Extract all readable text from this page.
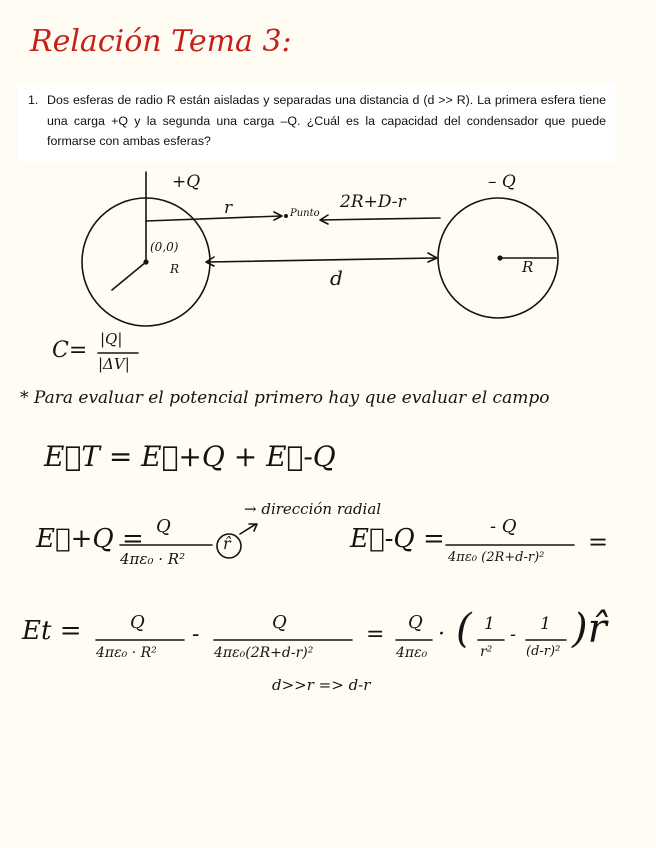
Relación Tema 3:
1. Dos esferas de radio R están aisladas y separadas una distancia d (d >> R). La primera esfera tiene una carga +Q y la segunda una carga –Q. ¿Cuál es la capacidad del condensador que puede formarse con ambas esferas?
+Q	– Q
r	Punto
2R+D-r
(0,0)
R	d	R
C= |Q|
|ΔV|
* Para evaluar el potencial primero hay que evaluar el campo
E⃗T = E⃗+Q + E⃗-Q
E⃗+Q = Q
4πε₀ · R²
r̂
→ dirección radial
E⃗-Q =	- Q
4πε₀ (2R+d-r)²
=
Et =	Q
4πε₀ · R²
-	Q
4πε₀(2R+d-r)²
= Q
4πε₀
· ( 1
r²
- 1
(d-r)² )r̂
d>>r => d-r
